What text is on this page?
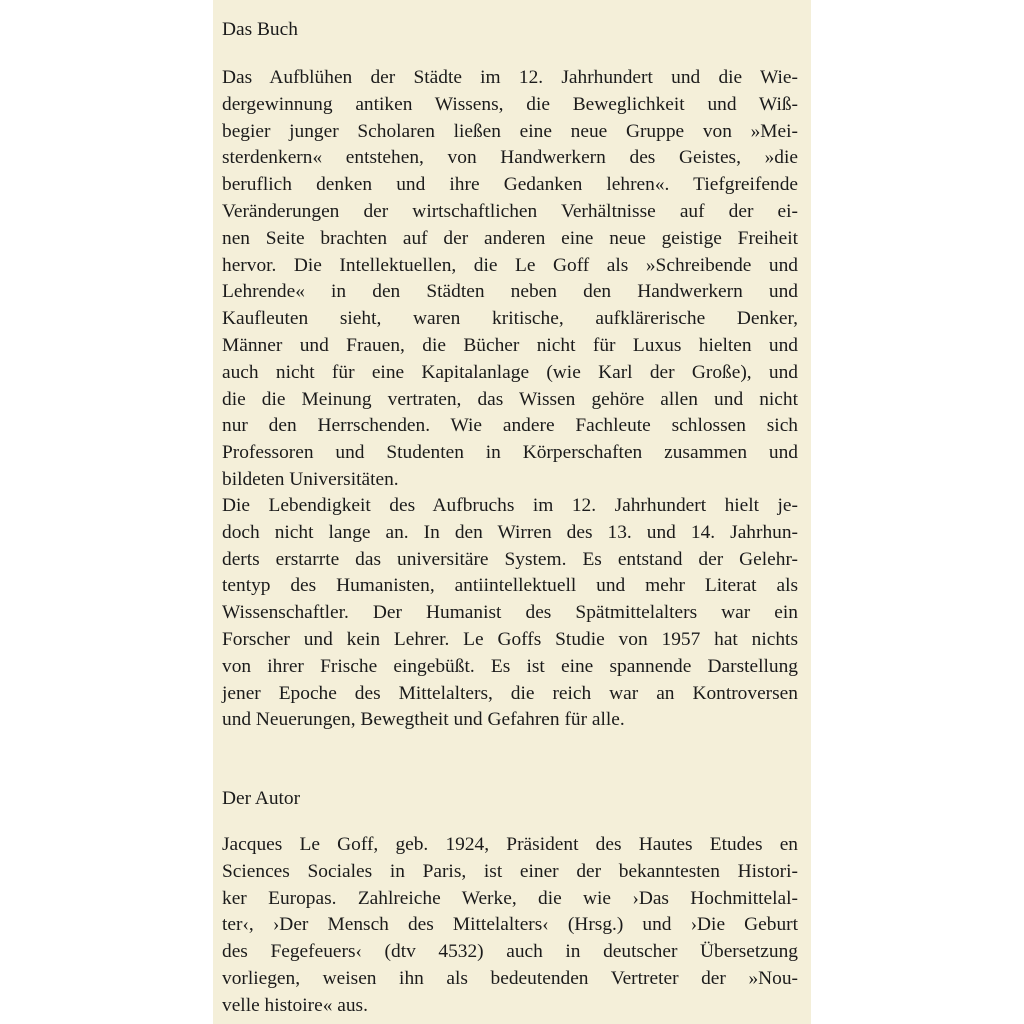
Das Buch
Das Aufblühen der Städte im 12. Jahrhundert und die Wie-
dergewinnung antiken Wissens, die Beweglichkeit und Wiß-
begier junger Scholaren ließen eine neue Gruppe von »Mei-
sterdenkern« entstehen, von Handwerkern des Geistes, »die
beruflich denken und ihre Gedanken lehren«. Tiefgreifende
Veränderungen der wirtschaftlichen Verhältnisse auf der ei-
nen Seite brachten auf der anderen eine neue geistige Freiheit
hervor. Die Intellektuellen, die Le Goff als »Schreibende und
Lehrende« in den Städten neben den Handwerkern und
Kaufleuten sieht, waren kritische, aufklärerische Denker,
Männer und Frauen, die Bücher nicht für Luxus hielten und
auch nicht für eine Kapitalanlage (wie Karl der Große), und
die die Meinung vertraten, das Wissen gehöre allen und nicht
nur den Herrschenden. Wie andere Fachleute schlossen sich
Professoren und Studenten in Körperschaften zusammen und
bildeten Universitäten.
Die Lebendigkeit des Aufbruchs im 12. Jahrhundert hielt je-
doch nicht lange an. In den Wirren des 13. und 14. Jahrhun-
derts erstarrte das universitäre System. Es entstand der Gelehr-
tentyp des Humanisten, antiintellektuell und mehr Literat als
Wissenschaftler. Der Humanist des Spätmittelalters war ein
Forscher und kein Lehrer. Le Goffs Studie von 1957 hat nichts
von ihrer Frische eingebüßt. Es ist eine spannende Darstellung
jener Epoche des Mittelalters, die reich war an Kontroversen
und Neuerungen, Bewegtheit und Gefahren für alle.
Der Autor
Jacques Le Goff, geb. 1924, Präsident des Hautes Etudes en
Sciences Sociales in Paris, ist einer der bekanntesten Histori-
ker Europas. Zahlreiche Werke, die wie ›Das Hochmittelal-
ter‹, ›Der Mensch des Mittelalters‹ (Hrsg.) und ›Die Geburt
des Fegefeuers‹ (dtv 4532) auch in deutscher Übersetzung
vorliegen, weisen ihn als bedeutenden Vertreter der »Nou-
velle histoire« aus.
